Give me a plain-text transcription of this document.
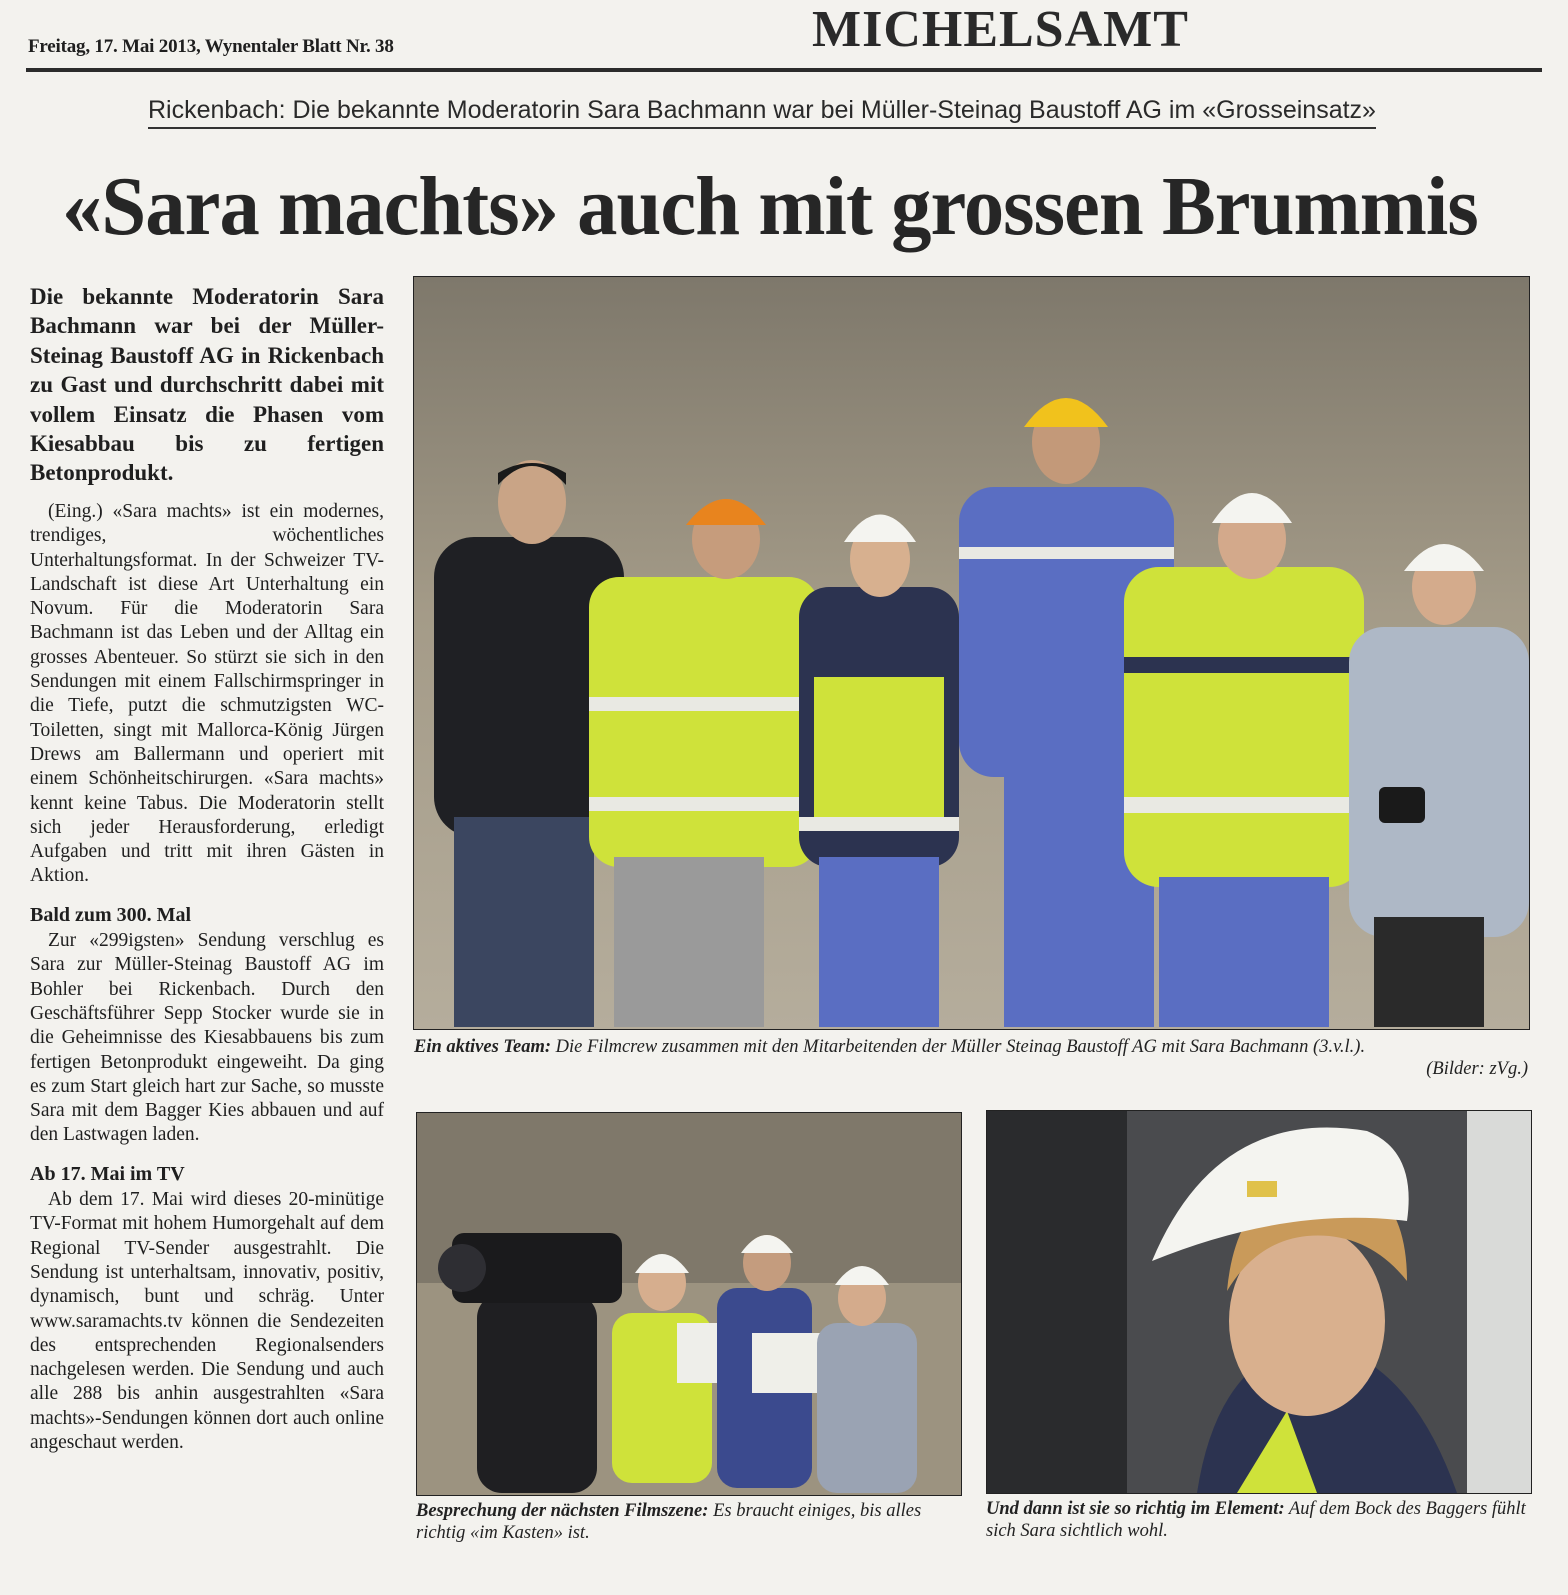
Freitag, 17. Mai 2013, Wynentaler Blatt Nr. 38	MICHELSAMT
Rickenbach: Die bekannte Moderatorin Sara Bachmann war bei Müller-Steinag Baustoff AG im «Grosseinsatz»
«Sara machts» auch mit grossen Brummis
Die bekannte Moderatorin Sara Bachmann war bei der Müller-Steinag Baustoff AG in Rickenbach zu Gast und durchschritt dabei mit vollem Einsatz die Phasen vom Kiesabbau bis zu fertigen Betonprodukt.

(Eing.) «Sara machts» ist ein modernes, trendiges, wöchentliches Unterhaltungsformat. In der Schweizer TV-Landschaft ist diese Art Unterhaltung ein Novum. Für die Moderatorin Sara Bachmann ist das Leben und der Alltag ein grosses Abenteuer. So stürzt sie sich in den Sendungen mit einem Fallschirmspringer in die Tiefe, putzt die schmutzigsten WC-Toiletten, singt mit Mallorca-König Jürgen Drews am Ballermann und operiert mit einem Schönheitschirurgen. «Sara machts» kennt keine Tabus. Die Moderatorin stellt sich jeder Herausforderung, erledigt Aufgaben und tritt mit ihren Gästen in Aktion.

Bald zum 300. Mal

Zur «299igsten» Sendung verschlug es Sara zur Müller-Steinag Baustoff AG im Bohler bei Rickenbach. Durch den Geschäftsführer Sepp Stocker wurde sie in die Geheimnisse des Kiesabbauens bis zum fertigen Betonprodukt eingeweiht. Da ging es zum Start gleich hart zur Sache, so musste Sara mit dem Bagger Kies abbauen und auf den Lastwagen laden.

Ab 17. Mai im TV

Ab dem 17. Mai wird dieses 20-minütige TV-Format mit hohem Humorgehalt auf dem Regional TV-Sender ausgestrahlt. Die Sendung ist unterhaltsam, innovativ, positiv, dynamisch, bunt und schräg. Unter www.saramachts.tv können die Sendezeiten des entsprechenden Regionalsenders nachgelesen werden. Die Sendung und auch alle 288 bis anhin ausgestrahlten «Sara machts»-Sendungen können dort auch online angeschaut werden.

Ein aktives Team: Die Filmcrew zusammen mit den Mitarbeitenden der Müller Steinag Baustoff AG mit Sara Bachmann (3.v.l.).
(Bilder: zVg.)
Besprechung der nächsten Filmszene: Es braucht einiges, bis alles richtig «im Kasten» ist.
Und dann ist sie so richtig im Element: Auf dem Bock des Baggers fühlt sich Sara sichtlich wohl.
